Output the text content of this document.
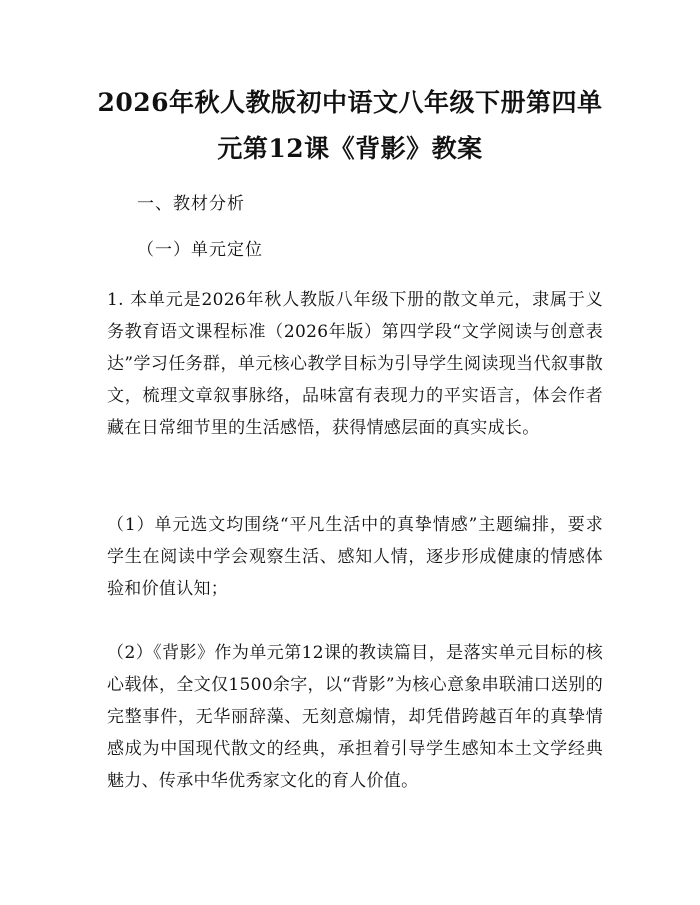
2026年秋人教版初中语文八年级下册第四单
元第12课《背影》教案

一、教材分析

（一）单元定位

1. 本单元是2026年秋人教版八年级下册的散文单元，隶属于义务教育语文课程标准（2026年版）第四学段“文学阅读与创意表达”学习任务群，单元核心教学目标为引导学生阅读现当代叙事散文，梳理文章叙事脉络，品味富有表现力的平实语言，体会作者藏在日常细节里的生活感悟，获得情感层面的真实成长。

（1）单元选文均围绕“平凡生活中的真挚情感”主题编排，要求学生在阅读中学会观察生活、感知人情，逐步形成健康的情感体验和价值认知；

（2）《背影》作为单元第12课的教读篇目，是落实单元目标的核心载体，全文仅1500余字，以“背影”为核心意象串联浦口送别的完整事件，无华丽辞藻、无刻意煽情，却凭借跨越百年的真挚情感成为中国现代散文的经典，承担着引导学生感知本土文学经典魅力、传承中华优秀家文化的育人价值。
